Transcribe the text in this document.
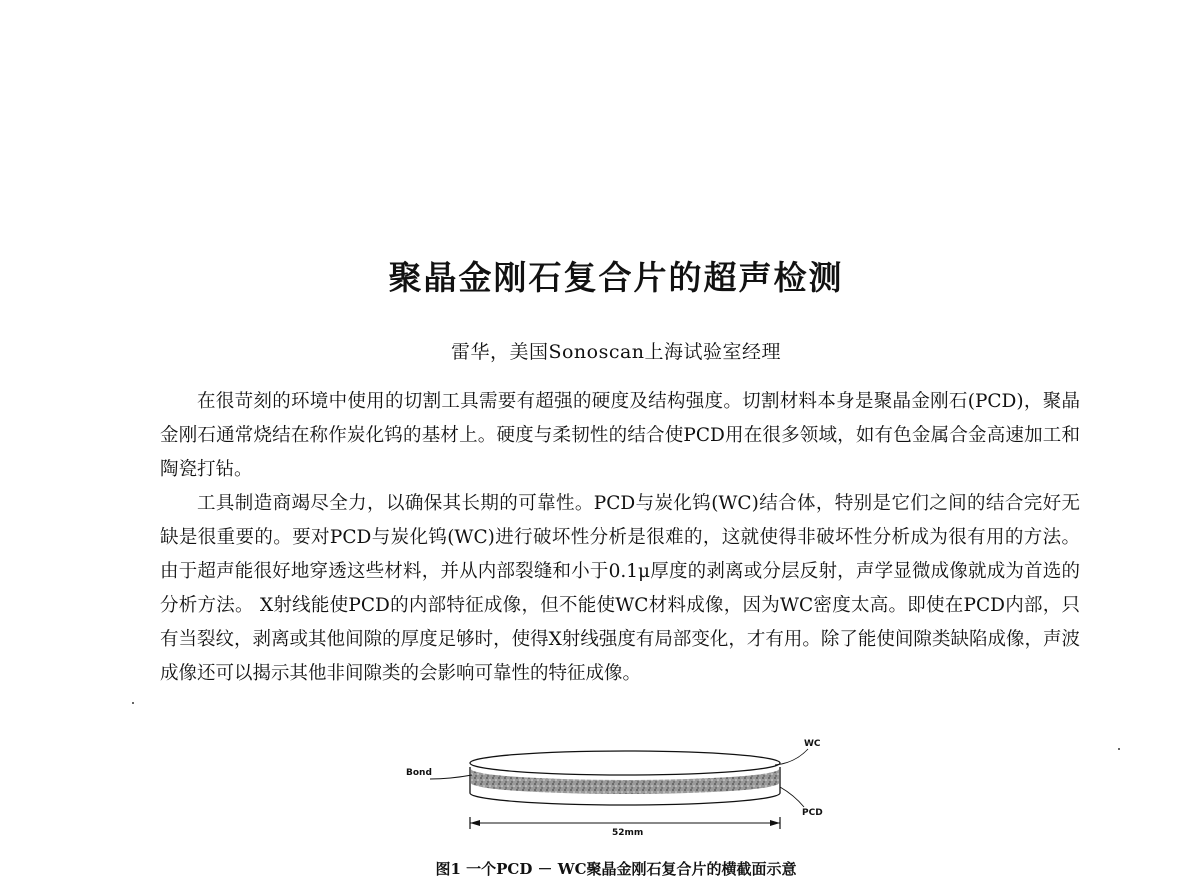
聚晶金刚石复合片的超声检测
雷华，美国Sonoscan上海试验室经理

在很苛刻的环境中使用的切割工具需要有超强的硬度及结构强度。切割材料本身是聚晶金刚石(PCD)，聚晶金刚石通常烧结在称作炭化钨的基材上。硬度与柔韧性的结合使PCD用在很多领域，如有色金属合金高速加工和陶瓷打钻。

工具制造商竭尽全力，以确保其长期的可靠性。PCD与炭化钨(WC)结合体，特别是它们之间的结合完好无缺是很重要的。要对PCD与炭化钨(WC)进行破坏性分析是很难的，这就使得非破坏性分析成为很有用的方法。由于超声能很好地穿透这些材料，并从内部裂缝和小于0.1μ厚度的剥离或分层反射，声学显微成像就成为首选的分析方法。 X射线能使PCD的内部特征成像，但不能使WC材料成像，因为WC密度太高。即使在PCD内部，只有当裂纹，剥离或其他间隙的厚度足够时，使得X射线强度有局部变化，才有用。除了能使间隙类缺陷成像，声波成像还可以揭示其他非间隙类的会影响可靠性的特征成像。

WC
Bond
PCD
52mm
图1 一个PCD － WC聚晶金刚石复合片的横截面示意
